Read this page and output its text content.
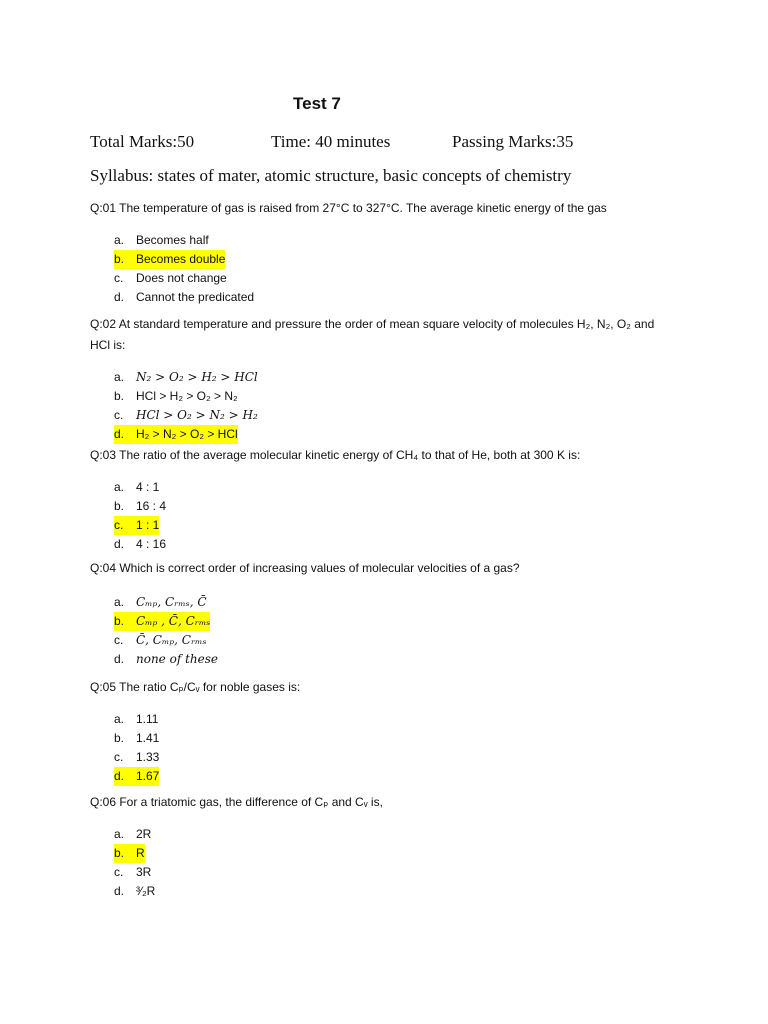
Test 7
Total Marks:50	Time: 40 minutes	Passing Marks:35
Syllabus: states of mater, atomic structure, basic concepts of chemistry

Q:01 The temperature of gas is raised from 27°C to 327°C. The average kinetic energy of the gas

a. Becomes half
b. Becomes double
c. Does not change
d. Cannot the predicated

Q:02 At standard temperature and pressure the order of mean square velocity of molecules H₂, N₂, O₂ and HCl is:

a. N₂ > O₂ > H₂ > HCl
b. HCl > H₂ > O₂ > N₂
c. HCl > O₂ > N₂ > H₂
d. H₂ > N₂ > O₂ > HCl

Q:03 The ratio of the average molecular kinetic energy of CH₄ to that of He, both at 300 K is:

a. 4 : 1
b. 16 : 4
c.	1 : 1
d. 4 : 16

Q:04 Which is correct order of increasing values of molecular velocities of a gas?

a. Cₘₚ, Cᵣₘₛ, C̄
b. Cₘₚ , C̄, Cᵣₘₛ
c. C̄, Cₘₚ, Cᵣₘₛ
d. none of these

Q:05 The ratio Cₚ/Cᵥ for noble gases is:

a. 1.11
b. 1.41
c. 1.33
d. 1.67

Q:06 For a triatomic gas, the difference of Cₚ and Cᵥ is,

a. 2R
b. R
c. 3R
d. ³⁄₂R
